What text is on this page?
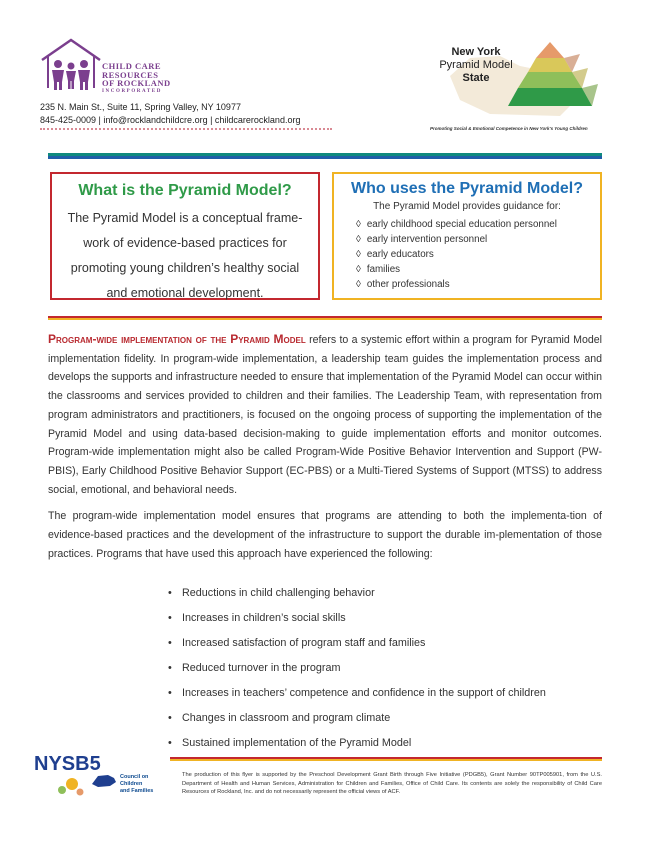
CHILD CARE
RESOURCES
OF ROCKLAND
INCORPORATED
235 N. Main St., Suite 11, Spring Valley, NY 10977
845-425-0009 | info@rocklandchildcre.org | childcarerockland.org
New York
Pyramid Model
State
Promoting Social & Emotional Competence in New York's Young Children
What is the Pyramid Model?
The Pyramid Model is a conceptual frame-work of evidence-based practices for promoting young children’s healthy social and emotional development.
Who uses the Pyramid Model?
The Pyramid Model provides guidance for:
◊ early childhood special education personnel
◊ early intervention personnel
◊ early educators
◊ families
◊ other professionals

Program-wide implementation of the Pyramid Model refers to a systemic effort within a program for Pyramid Model implementation fidelity. In program-wide implementation, a leadership team guides the implementation process and develops the supports and infrastructure needed to ensure that implementation of the Pyramid Model can occur within the classrooms and services provided to children and their families. The Leadership Team, with representation from program administrators and practitioners, is focused on the ongoing process of supporting the implementation of the Pyramid Model and using data-based decision-making to guide implementation efforts and monitor outcomes. Program-wide implementation might also be called Program-Wide Positive Behavior Intervention and Support (PW-PBIS), Early Childhood Positive Behavior Support (EC-PBS) or a Multi-Tiered Systems of Support (MTSS) to address social, emotional, and behavioral needs.

The program-wide implementation model ensures that programs are attending to both the implementa-tion of evidence-based practices and the development of the infrastructure to support the durable im-plementation of those practices. Programs that have used this approach have experienced the following:

• Reductions in child challenging behavior
• Increases in children’s social skills
• Increased satisfaction of program staff and families
• Reduced turnover in the program
• Increases in teachers’ competence and confidence in the support of children
• Changes in classroom and program climate
• Sustained implementation of the Pyramid Model
NYSB5
Council on Children
and Families
The production of this flyer is supported by the Preschool Development Grant Birth through Five Initiative (PDGB5), Grant Number 90TP005901, from the U.S. Department of Health and Human Services, Administration for Children and Families, Office of Child Care. Its contents are solely the responsibility of Child Care Resources of Rockland, Inc. and do not necessarily represent the official views of ACF.
